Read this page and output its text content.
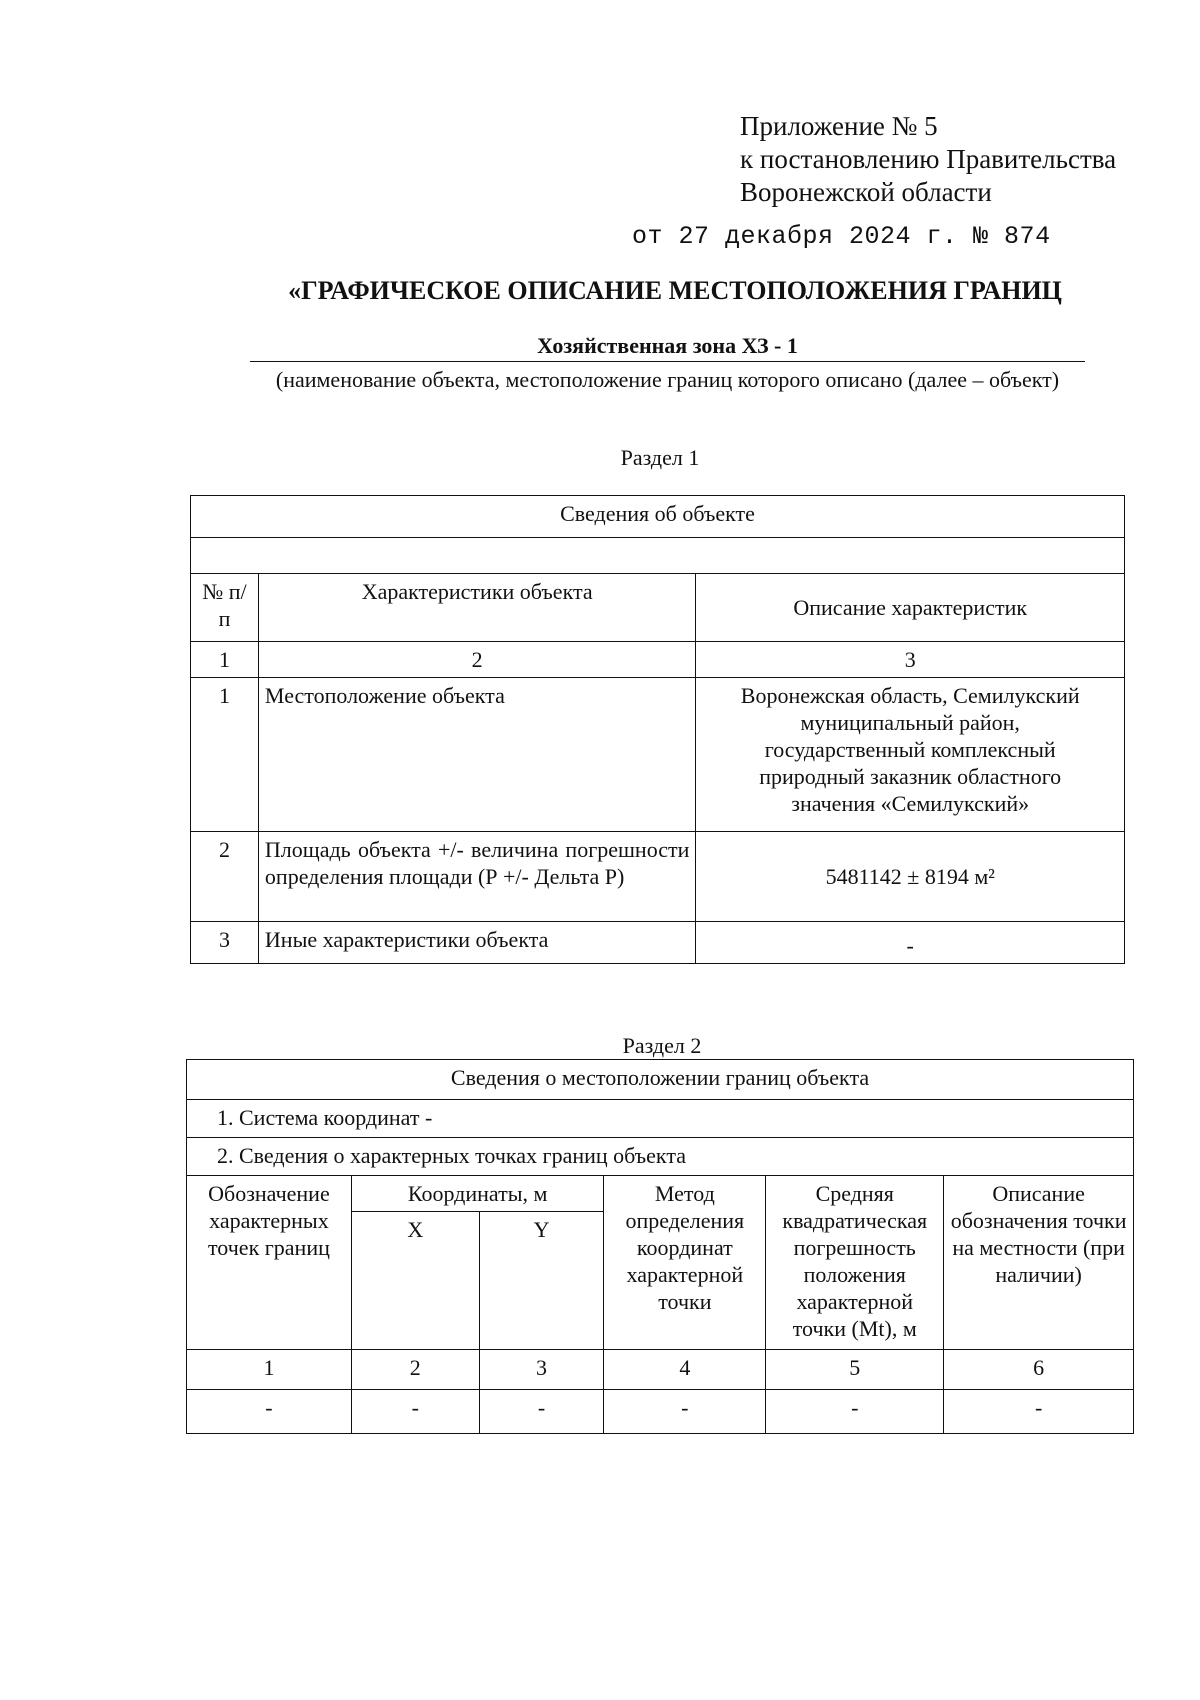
Приложение № 5
к постановлению Правительства
Воронежской области
от 27 декабря 2024 г. № 874
«ГРАФИЧЕСКОЕ ОПИСАНИЕ МЕСТОПОЛОЖЕНИЯ ГРАНИЦ
Хозяйственная зона ХЗ - 1
(наименование объекта, местоположение границ которого описано (далее – объект)
Раздел 1
Сведения об объекте		

№ п/п	Характеристики объекта	Описание характеристик
1	2	3
1	Местоположение объекта	Воронежская область, Семилукский муниципальный район, государственный комплексный природный заказник областного значения «Семилукский»
2	Площадь объекта +/- величина погрешности определения площади (Р +/- Дельта Р)	5481142 ± 8194 м²
3	Иные характеристики объекта	-
Раздел 2
Сведения о местоположении границ объекта					
1. Система координат -					
2. Сведения о характерных точках границ объекта					
Обозначение характерных точек границ	Координаты, м		Метод определения координат характерной точки	Средняя квадратическая погрешность положения характерной точки (Mt), м	Описание обозначения точки на местности (при наличии)
	X	Y			
1	2	3	4	5	6
-	-	-	-	-	-
